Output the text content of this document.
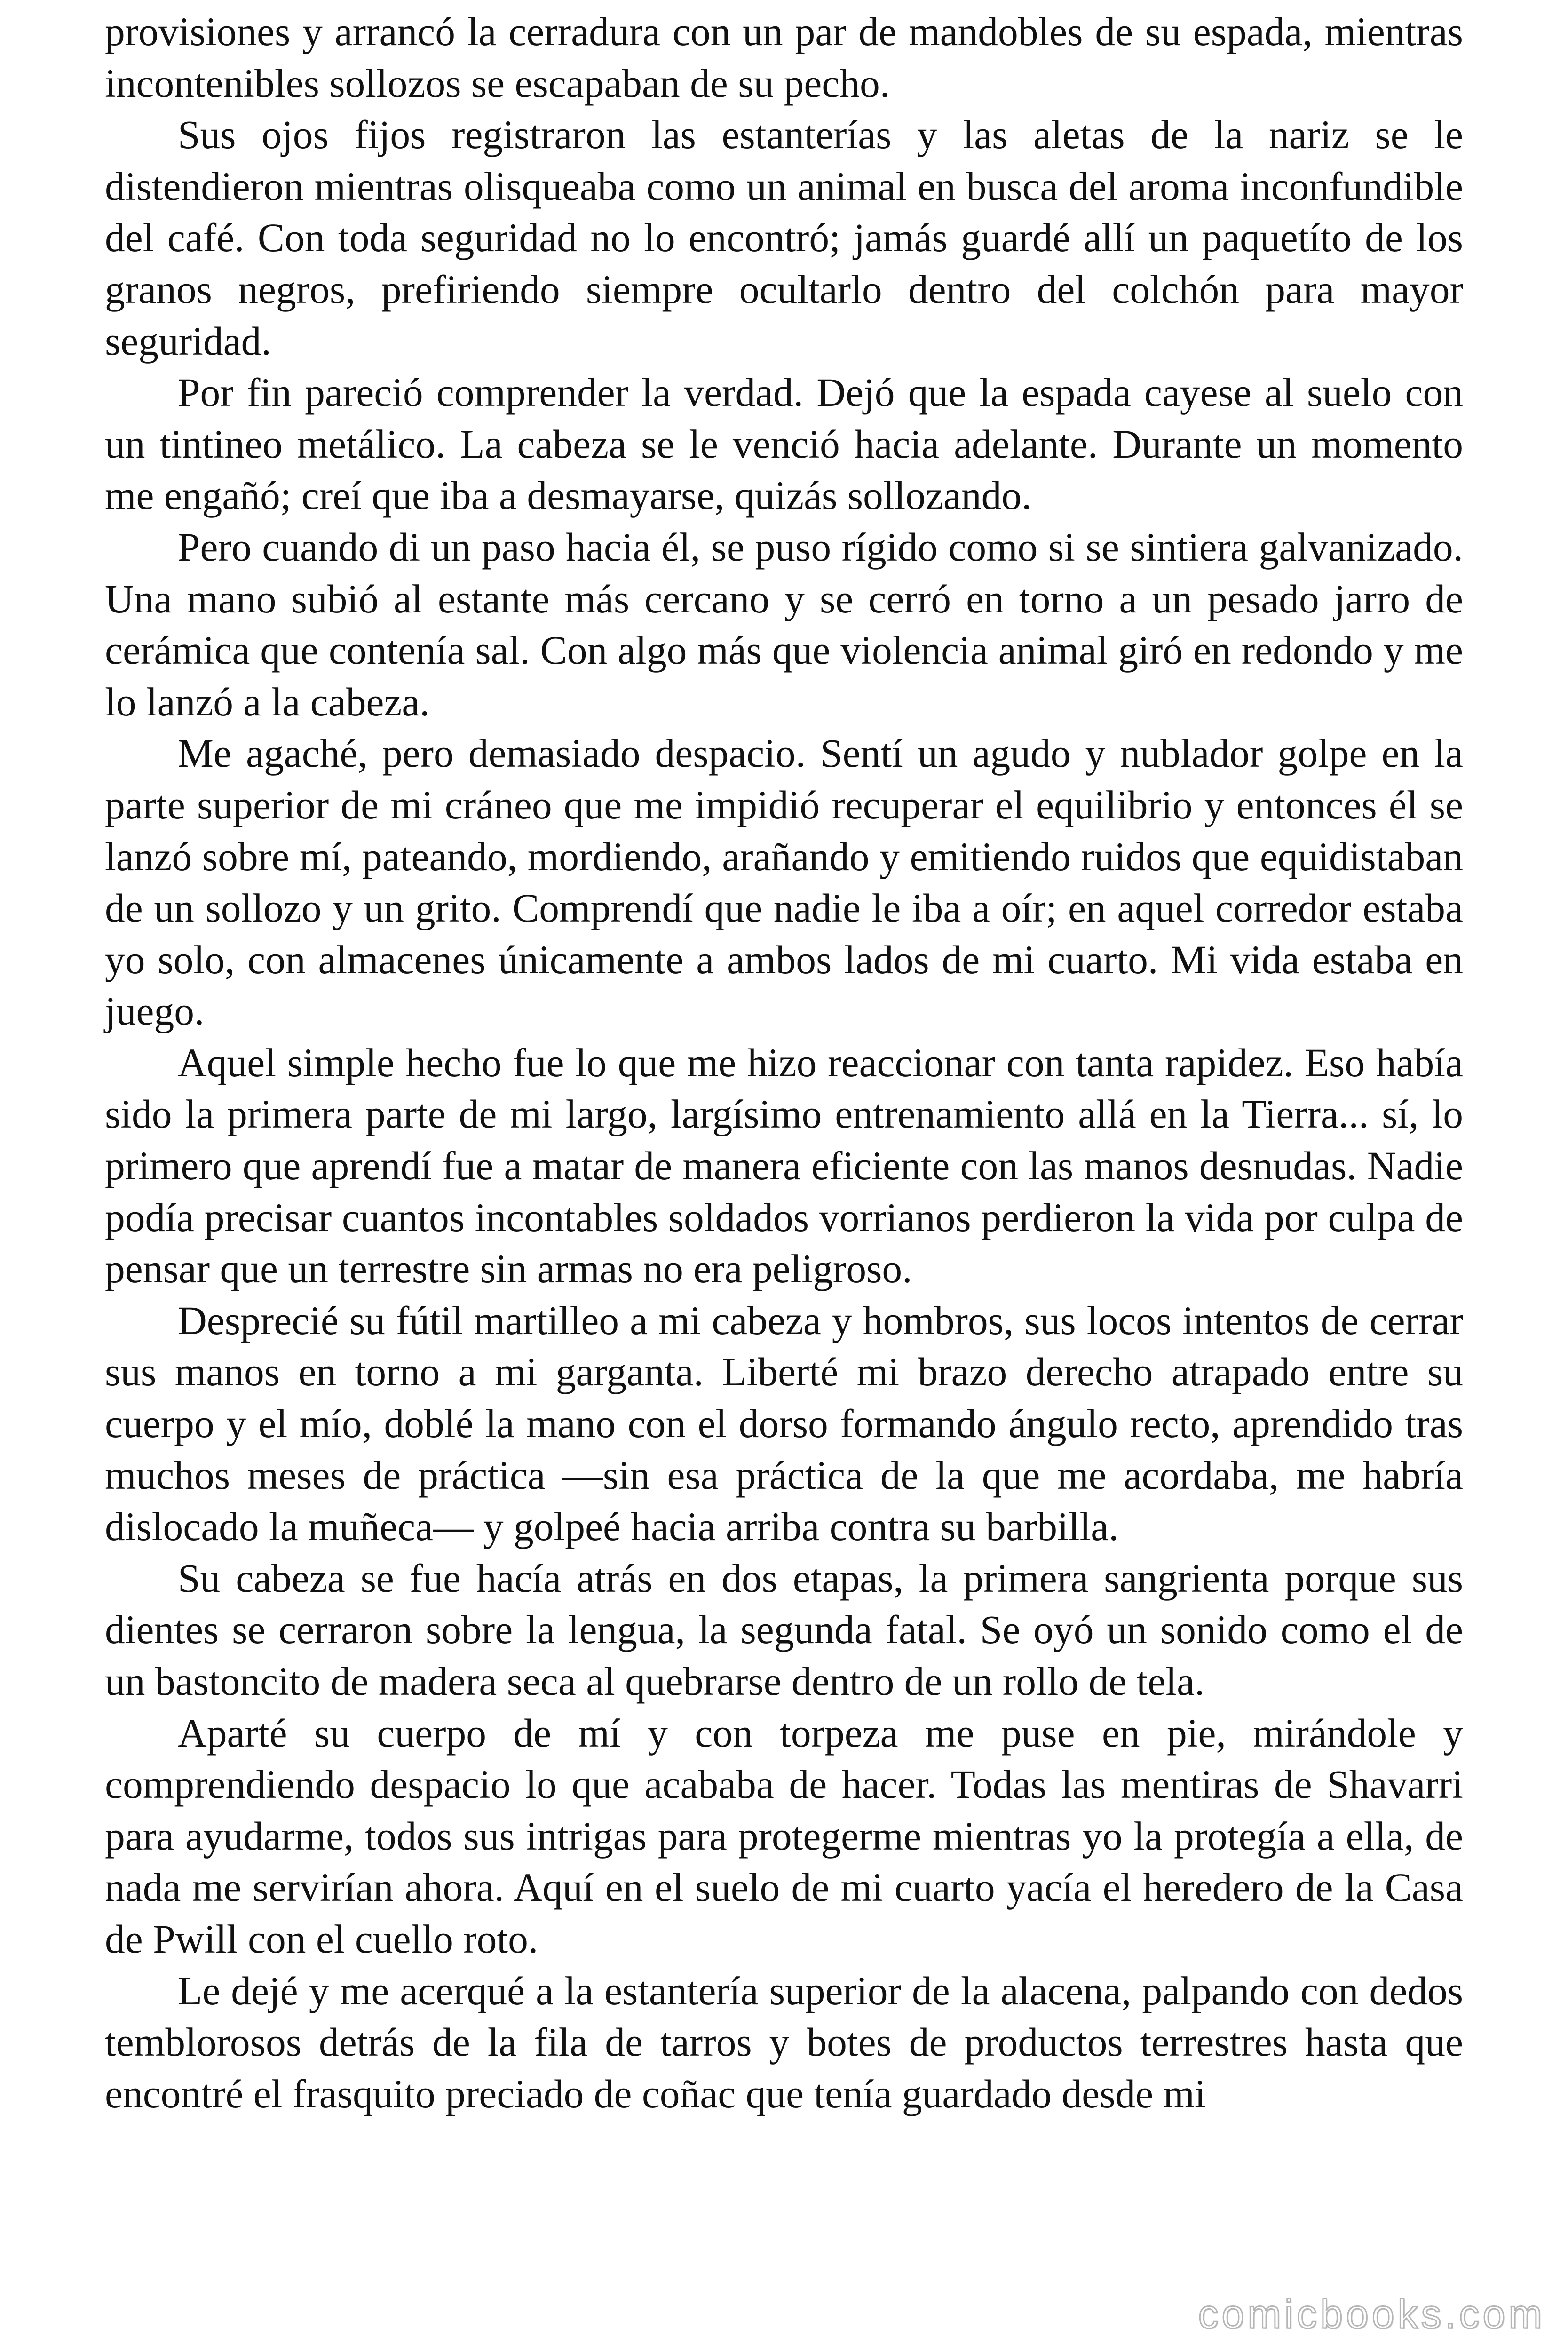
provisiones y arrancó la cerradura con un par de mandobles de su espada, mientras incontenibles sollozos se escapaban de su pecho.

Sus ojos fijos registraron las estanterías y las aletas de la nariz se le distendieron mientras olisqueaba como un animal en busca del aroma inconfundible del café. Con toda seguridad no lo encontró; jamás guardé allí un paquetíto de los granos negros, prefiriendo siempre ocultarlo dentro del colchón para mayor seguridad.

Por fin pareció comprender la verdad. Dejó que la espada cayese al suelo con un tintineo metálico. La cabeza se le venció hacia adelante. Durante un momento me engañó; creí que iba a desmayarse, quizás sollozando.

Pero cuando di un paso hacia él, se puso rígido como si se sintiera galvanizado. Una mano subió al estante más cercano y se cerró en torno a un pesado jarro de cerámica que contenía sal. Con algo más que violencia animal giró en redondo y me lo lanzó a la cabeza.

Me agaché, pero demasiado despacio. Sentí un agudo y nublador golpe en la parte superior de mi cráneo que me impidió recuperar el equilibrio y entonces él se lanzó sobre mí, pateando, mordiendo, arañando y emitiendo ruidos que equidistaban de un sollozo y un grito. Comprendí que nadie le iba a oír; en aquel corredor estaba yo solo, con almacenes únicamente a ambos lados de mi cuarto. Mi vida estaba en juego.

Aquel simple hecho fue lo que me hizo reaccionar con tanta rapidez. Eso había sido la primera parte de mi largo, largísimo entrenamiento allá en la Tierra... sí, lo primero que aprendí fue a matar de manera eficiente con las manos desnudas. Nadie podía precisar cuantos incontables soldados vorrianos perdieron la vida por culpa de pensar que un terrestre sin armas no era peligroso.

Desprecié su fútil martilleo a mi cabeza y hombros, sus locos intentos de cerrar sus manos en torno a mi garganta. Liberté mi brazo derecho atrapado entre su cuerpo y el mío, doblé la mano con el dorso formando ángulo recto, aprendido tras muchos meses de práctica —sin esa práctica de la que me acordaba, me habría dislocado la muñeca— y golpeé hacia arriba contra su barbilla.

Su cabeza se fue hacía atrás en dos etapas, la primera sangrienta porque sus dientes se cerraron sobre la lengua, la segunda fatal. Se oyó un sonido como el de un bastoncito de madera seca al quebrarse dentro de un rollo de tela.

Aparté su cuerpo de mí y con torpeza me puse en pie, mirándole y comprendiendo despacio lo que acababa de hacer. Todas las mentiras de Shavarri para ayudarme, todos sus intrigas para protegerme mientras yo la protegía a ella, de nada me servirían ahora. Aquí en el suelo de mi cuarto yacía el heredero de la Casa de Pwill con el cuello roto.

Le dejé y me acerqué a la estantería superior de la alacena, palpando con dedos temblorosos detrás de la fila de tarros y botes de productos terrestres hasta que encontré el frasquito preciado de coñac que tenía guardado desde mi

comicbooks.com
